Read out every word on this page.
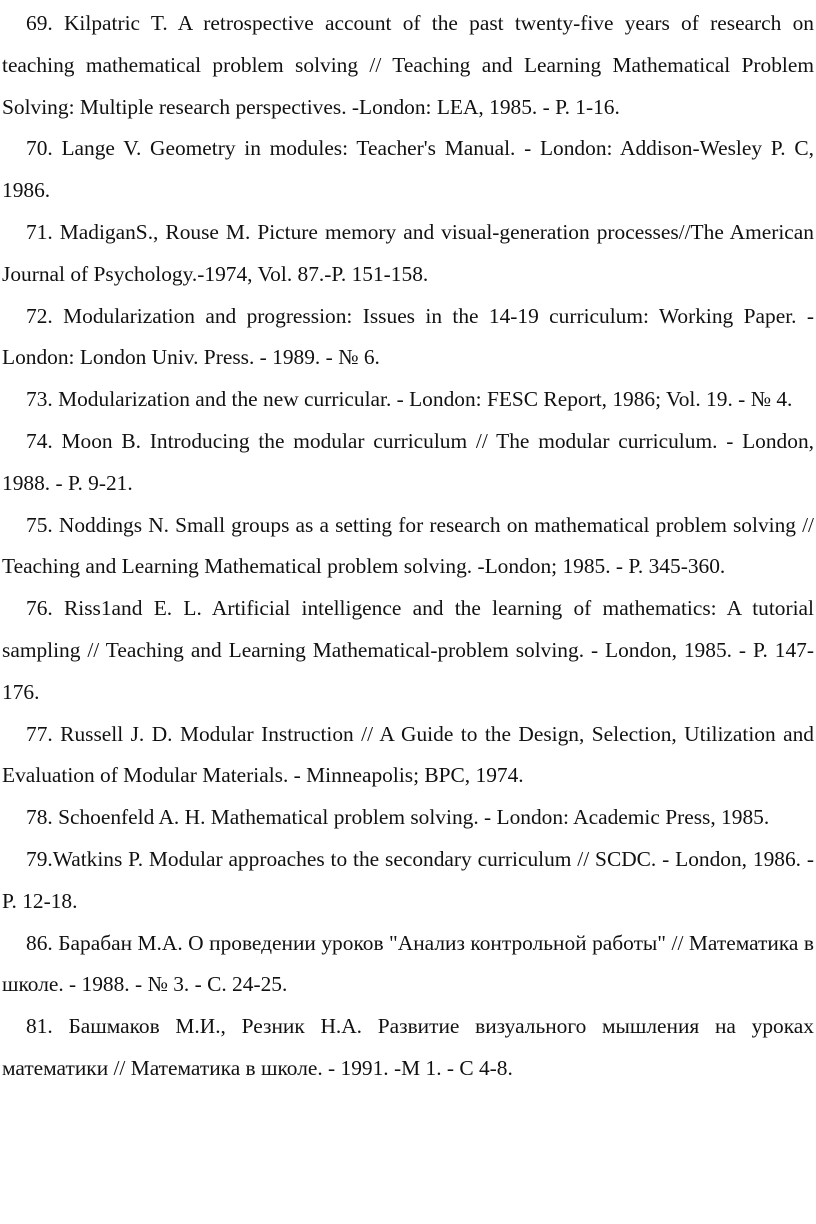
69. Kilpatric T. A retrospective account of the past twenty-five years of research on teaching mathematical problem solving // Teaching and Learning Mathematical Problem Solving: Multiple research perspectives. -London: LEA, 1985. - P. 1-16.

70. Lange V. Geometry in modules: Teacher's Manual. - London: Addison-Wesley P. C, 1986.

71. MadiganS., Rouse M. Picture memory and visual-generation processes//The American Journal of Psychology.-1974, Vol. 87.-P. 151-158.

72. Modularization and progression: Issues in the 14-19 curriculum: Working Paper. - London: London Univ. Press. - 1989. - № 6.

73. Modularization and the new curricular. - London: FESC Report, 1986; Vol. 19. - № 4.

74. Moon B. Introducing the modular curriculum // The modular curriculum. - London, 1988. - P. 9-21.

75. Noddings N. Small groups as a setting for research on mathematical problem solving // Teaching and Learning Mathematical problem solving. -London; 1985. - P. 345-360.

76. Riss1and E. L. Artificial intelligence and the learning of mathematics: A tutorial sampling // Teaching and Learning Mathematical-problem solving. - London, 1985. - P. 147-176.

77. Russell J. D. Modular Instruction // A Guide to the Design, Selection, Utilization and Evaluation of Modular Materials. - Minneapolis; BPC, 1974.

78. Schoenfeld A. H. Mathematical problem solving. - London: Academic Press, 1985.

79.Watkins P. Modular approaches to the secondary curriculum // SCDC. - London, 1986. - P. 12-18.

86. Барабан М.А. О проведении уроков "Анализ контрольной работы" // Математика в школе. - 1988. - № 3. - С. 24-25.

81. Башмаков М.И., Резник Н.А. Развитие визуального мышления на уроках математики // Математика в школе. - 1991. -М 1. - С 4-8.
